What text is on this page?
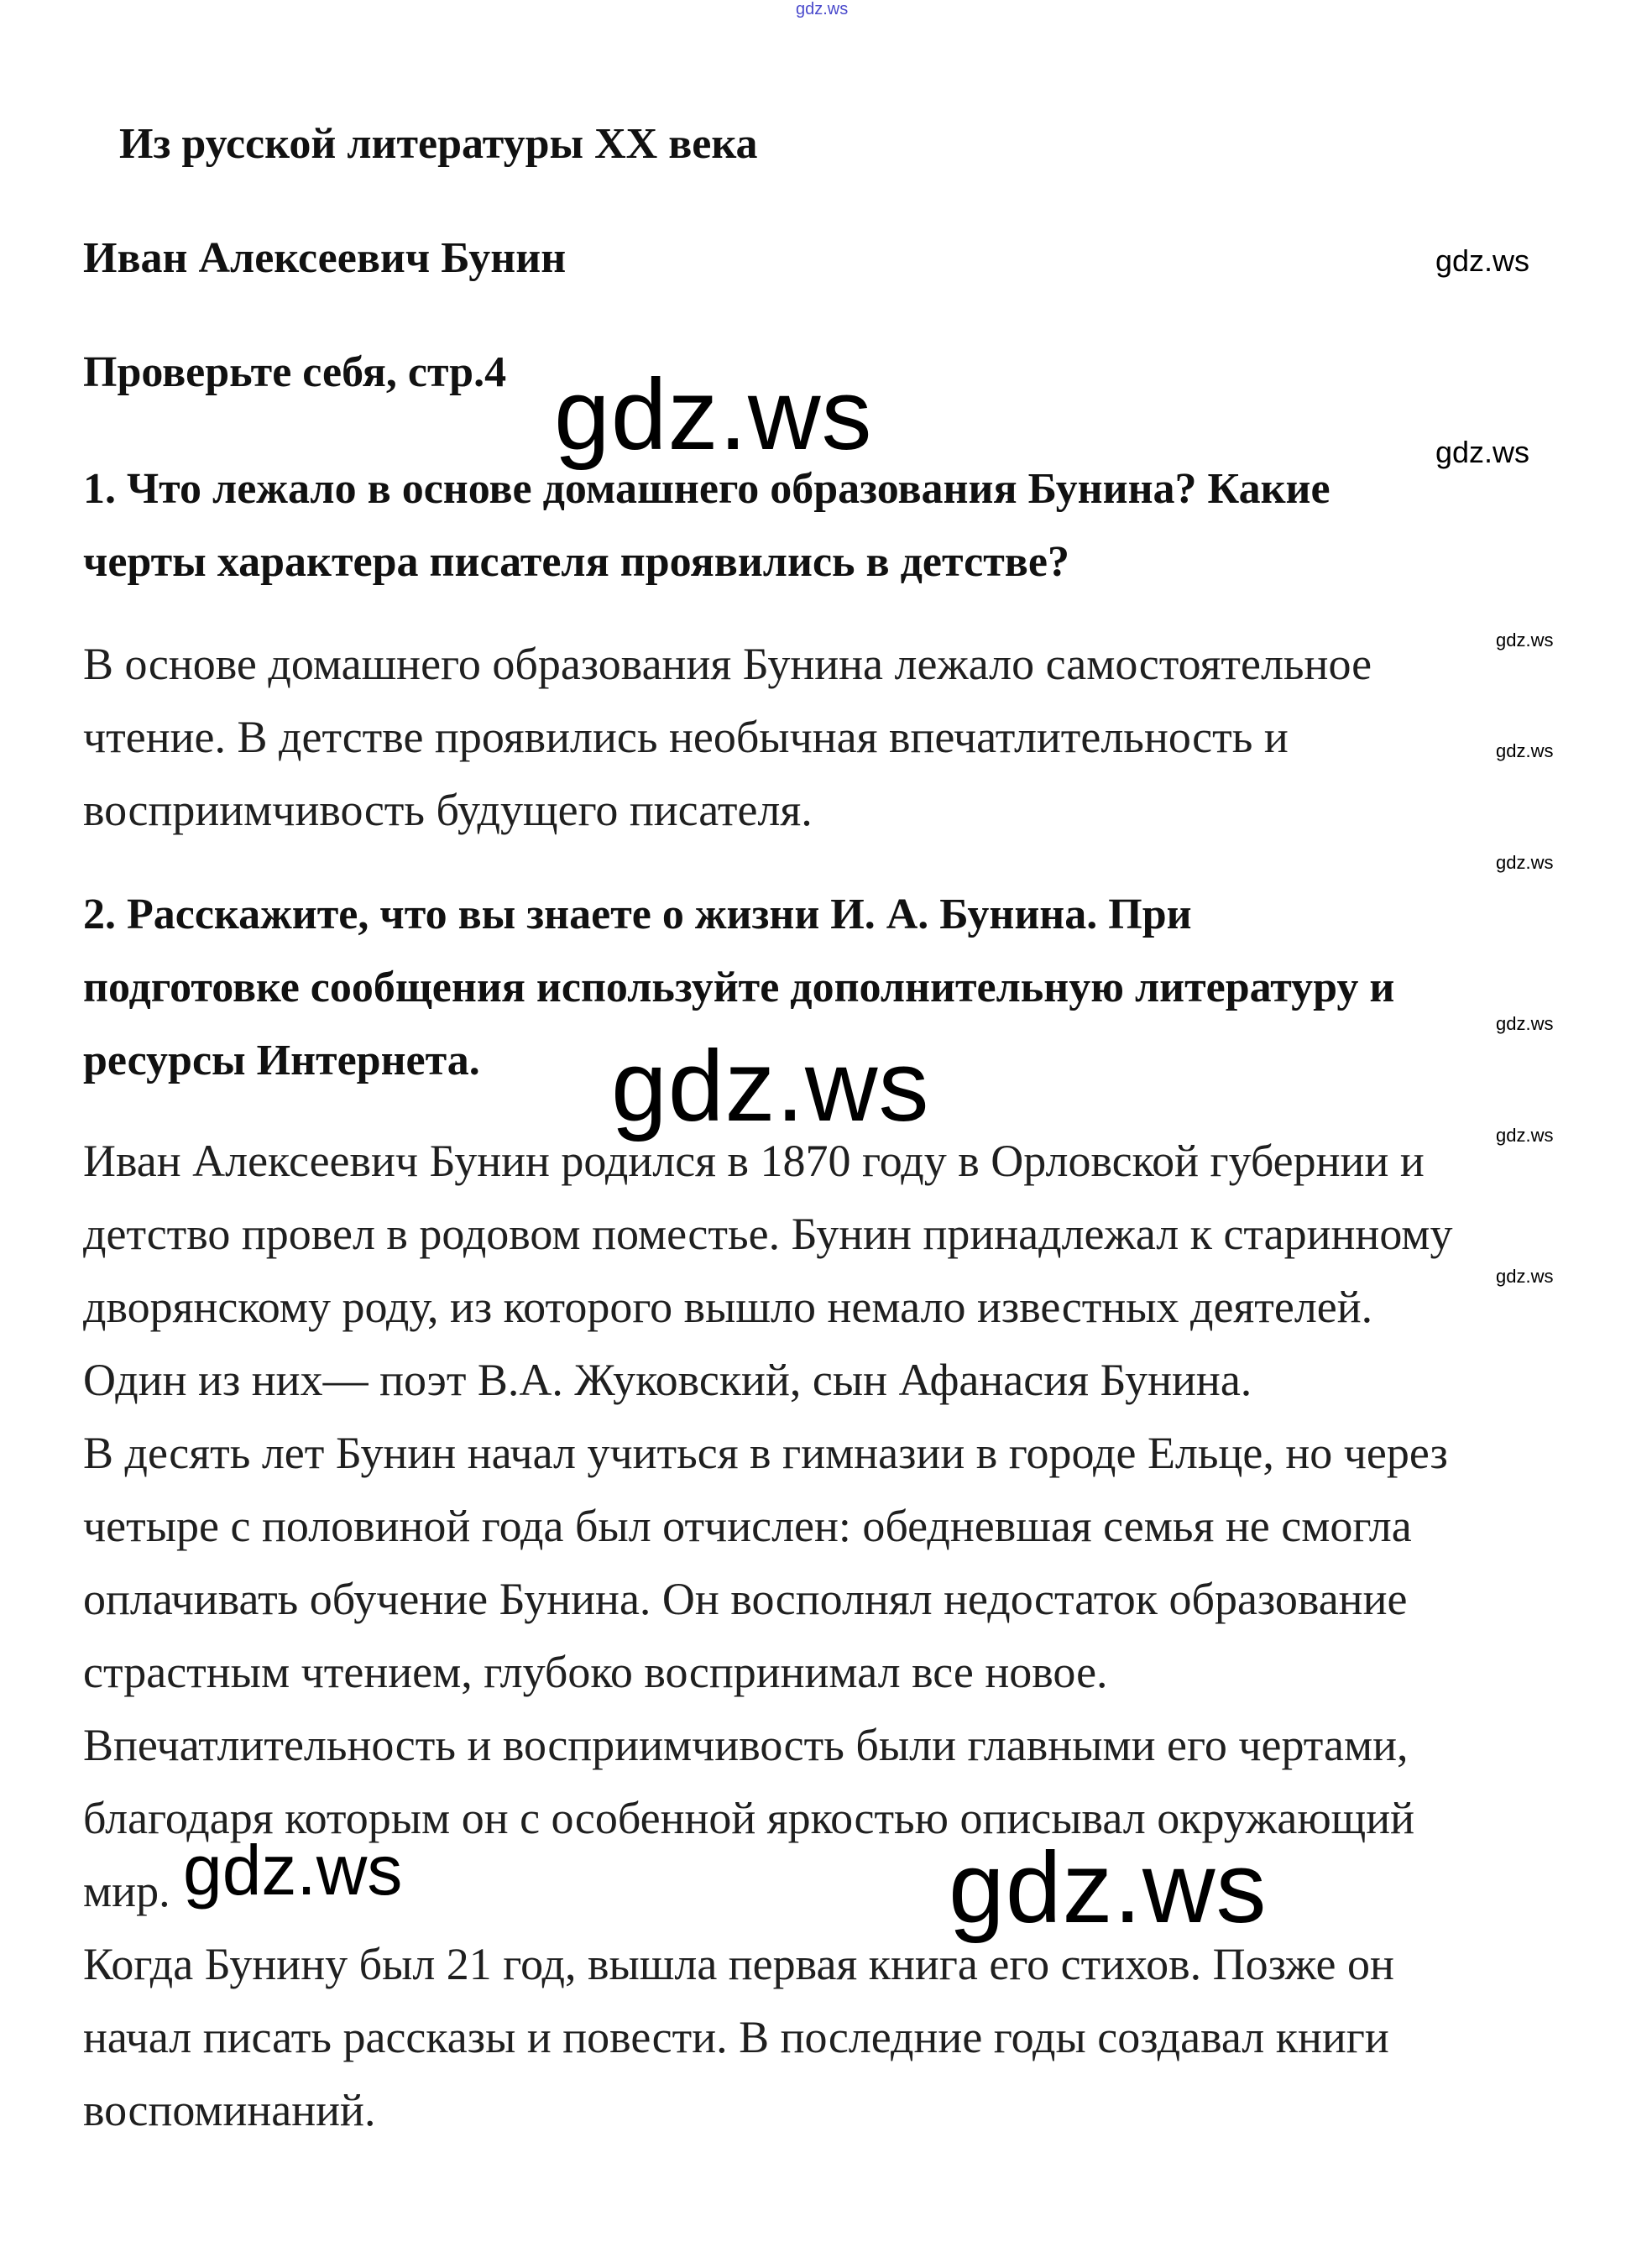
gdz.ws
Из русской литературы XX века
Иван Алексеевич Бунин
Проверьте себя, стр.4
1. Что лежало в основе домашнего образования Бунина? Какие
черты характера писателя проявились в детстве?
В основе домашнего образования Бунина лежало самостоятельное
чтение. В детстве проявились необычная впечатлительность и
восприимчивость будущего писателя.
2. Расскажите, что вы знаете о жизни И. А. Бунина. При
подготовке сообщения используйте дополнительную литературу и
ресурсы Интернета.
Иван Алексеевич Бунин родился в 1870 году в Орловской губернии и
детство провел в родовом поместье. Бунин принадлежал к старинному
дворянскому роду, из которого вышло немало известных деятелей.
Один из них— поэт В.А. Жуковский, сын Афанасия Бунина.
В десять лет Бунин начал учиться в гимназии в городе Ельце, но через
четыре с половиной года был отчислен: обедневшая семья не смогла
оплачивать обучение Бунина. Он восполнял недостаток образование
страстным чтением, глубоко воспринимал все новое.
Впечатлительность и восприимчивость были главными его чертами,
благодаря которым он с особенной яркостью описывал окружающий
мир.
Когда Бунину был 21 год, вышла первая книга его стихов. Позже он
начал писать рассказы и повести. В последние годы создавал книги
воспоминаний.
gdz.ws
gdz.ws
gdz.ws
gdz.ws
gdz.ws
gdz.ws
gdz.ws
gdz.ws
gdz.ws
gdz.ws
gdz.ws	gdz.ws
